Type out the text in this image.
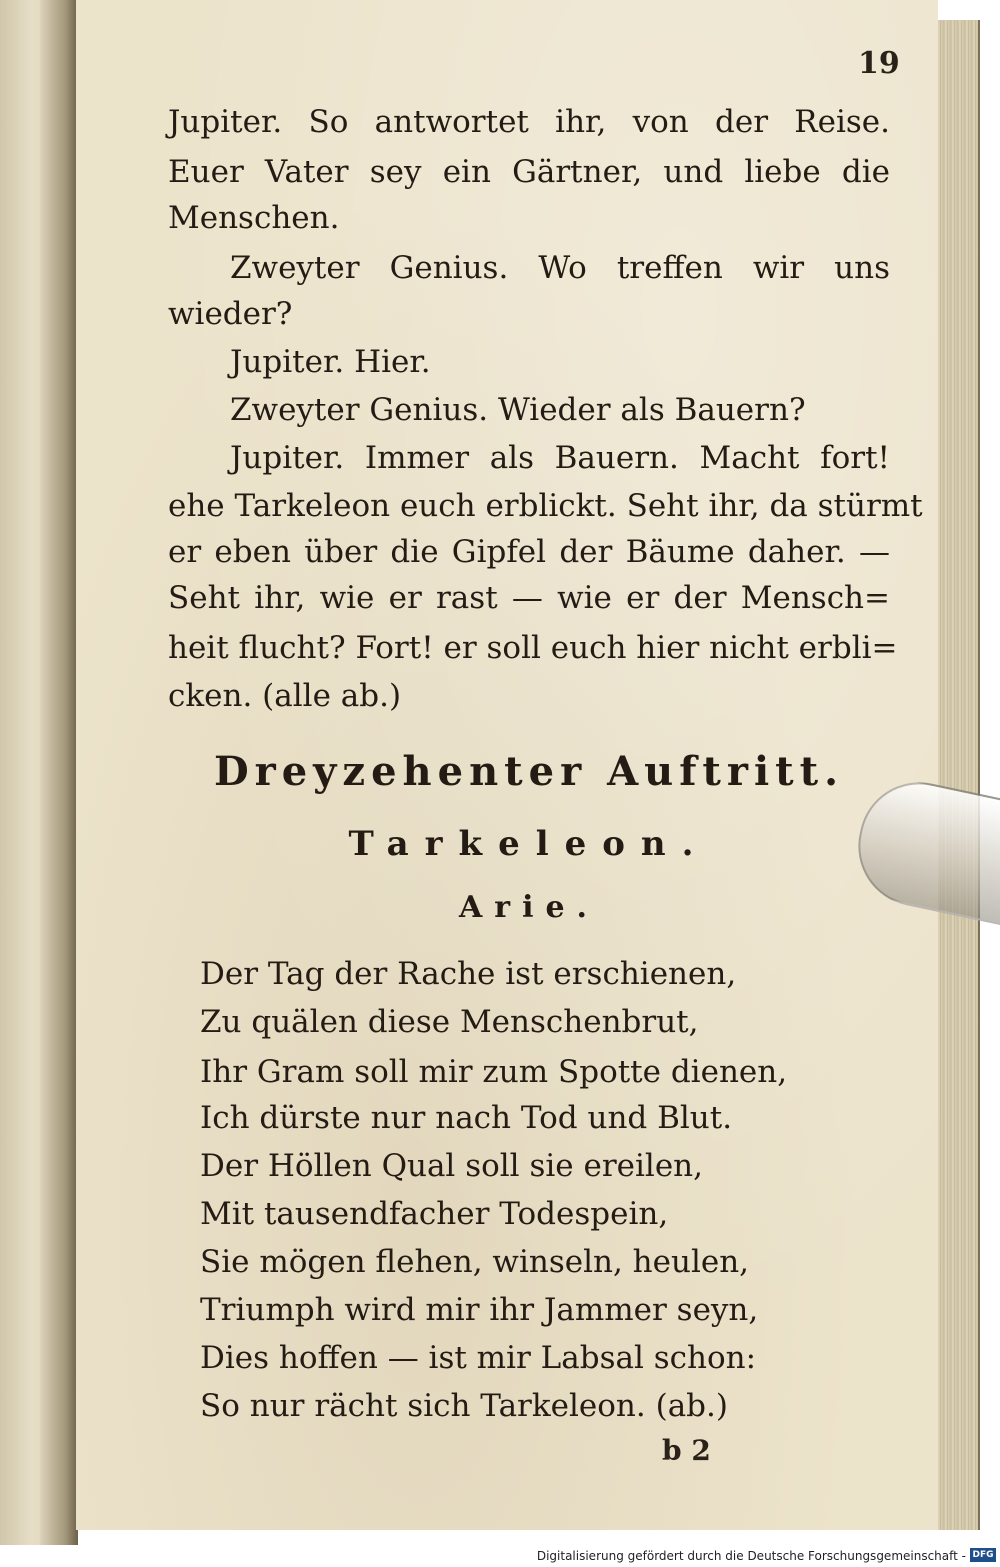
19
Jupiter. So antwortet ihr, von der Reise.
Euer Vater sey ein Gärtner, und liebe die
Menschen.
Zweyter Genius. Wo treffen wir uns
wieder?
Jupiter. Hier.
Zweyter Genius. Wieder als Bauern?
Jupiter. Immer als Bauern. Macht fort!
ehe Tarkeleon euch erblickt. Seht ihr, da stürmt
er eben über die Gipfel der Bäume daher. —
Seht ihr, wie er rast — wie er der Mensch=
heit flucht? Fort! er soll euch hier nicht erbli=
cken. (alle ab.)
Dreyzehenter Auftritt.
Tarkeleon.
Arie.
Der Tag der Rache ist erschienen,
Zu quälen diese Menschenbrut,
Ihr Gram soll mir zum Spotte dienen,
Ich dürste nur nach Tod und Blut.
Der Höllen Qual soll sie ereilen,
Mit tausendfacher Todespein,
Sie mögen flehen, winseln, heulen,
Triumph wird mir ihr Jammer seyn,
Dies hoffen — ist mir Labsal schon:
So nur rächt sich Tarkeleon. (ab.)
b 2
Digitalisierung gefördert durch die Deutsche Forschungsgemeinschaft - DFG
